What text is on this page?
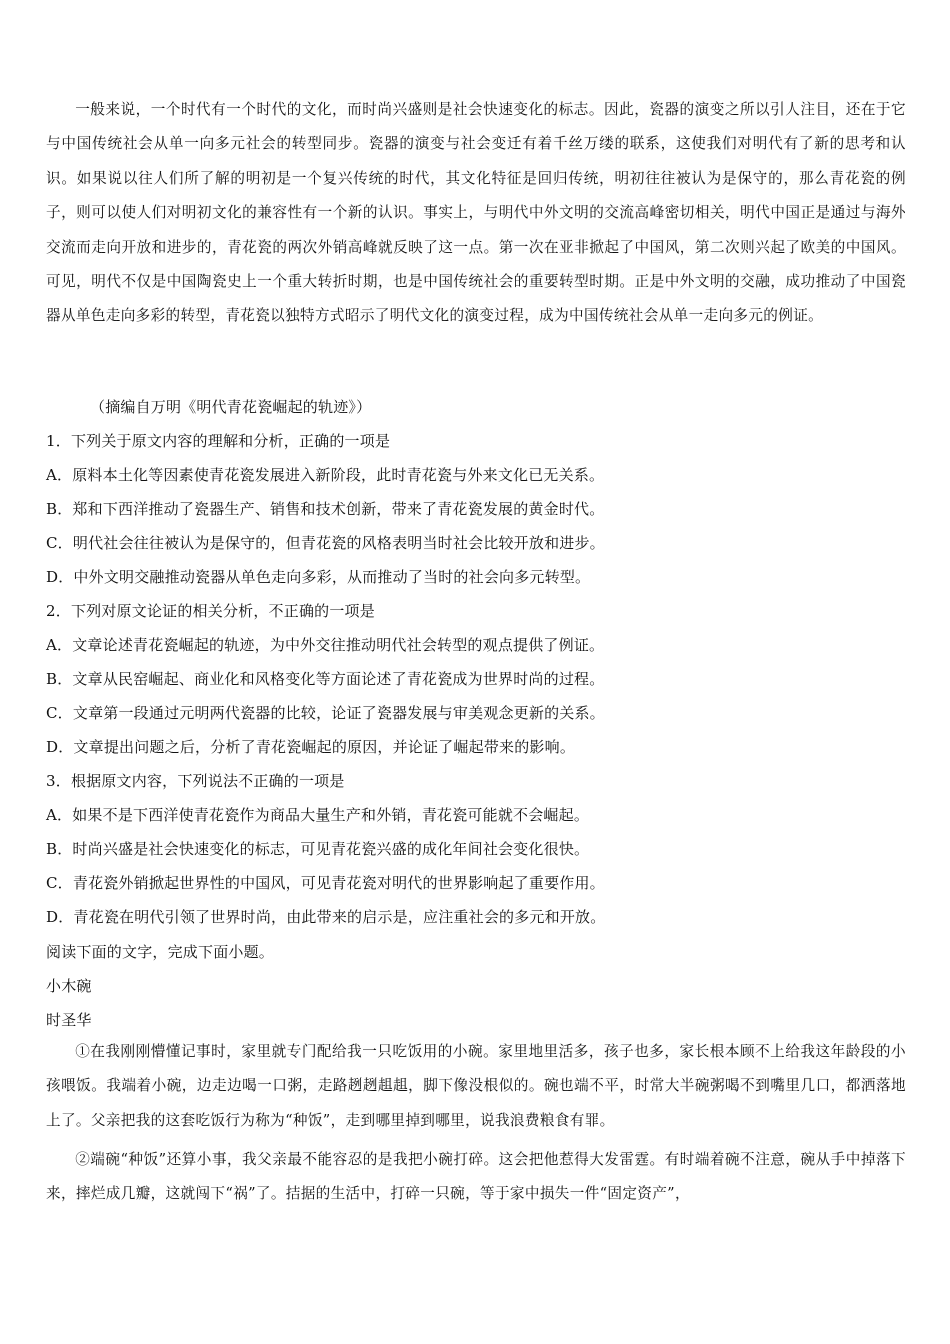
一般来说，一个时代有一个时代的文化，而时尚兴盛则是社会快速变化的标志。因此，瓷器的演变之所以引人注目，还在于它与中国传统社会从单一向多元社会的转型同步。瓷器的演变与社会变迁有着千丝万缕的联系，这使我们对明代有了新的思考和认识。如果说以往人们所了解的明初是一个复兴传统的时代，其文化特征是回归传统，明初往往被认为是保守的，那么青花瓷的例子，则可以使人们对明初文化的兼容性有一个新的认识。事实上，与明代中外文明的交流高峰密切相关，明代中国正是通过与海外交流而走向开放和进步的，青花瓷的两次外销高峰就反映了这一点。第一次在亚非掀起了中国风，第二次则兴起了欧美的中国风。可见，明代不仅是中国陶瓷史上一个重大转折时期，也是中国传统社会的重要转型时期。正是中外文明的交融，成功推动了中国瓷器从单色走向多彩的转型，青花瓷以独特方式昭示了明代文化的演变过程，成为中国传统社会从单一走向多元的例证。

（摘编自万明《明代青花瓷崛起的轨迹》）

1．下列关于原文内容的理解和分析，正确的一项是

A．原料本土化等因素使青花瓷发展进入新阶段，此时青花瓷与外来文化已无关系。

B．郑和下西洋推动了瓷器生产、销售和技术创新，带来了青花瓷发展的黄金时代。

C．明代社会往往被认为是保守的，但青花瓷的风格表明当时社会比较开放和进步。

D．中外文明交融推动瓷器从单色走向多彩，从而推动了当时的社会向多元转型。

2．下列对原文论证的相关分析，不正确的一项是

A．文章论述青花瓷崛起的轨迹，为中外交往推动明代社会转型的观点提供了例证。

B．文章从民窑崛起、商业化和风格变化等方面论述了青花瓷成为世界时尚的过程。

C．文章第一段通过元明两代瓷器的比较，论证了瓷器发展与审美观念更新的关系。

D．文章提出问题之后，分析了青花瓷崛起的原因，并论证了崛起带来的影响。

3．根据原文内容，下列说法不正确的一项是

A．如果不是下西洋使青花瓷作为商品大量生产和外销，青花瓷可能就不会崛起。

B．时尚兴盛是社会快速变化的标志，可见青花瓷兴盛的成化年间社会变化很快。

C．青花瓷外销掀起世界性的中国风，可见青花瓷对明代的世界影响起了重要作用。

D．青花瓷在明代引领了世界时尚，由此带来的启示是，应注重社会的多元和开放。

阅读下面的文字，完成下面小题。

小木碗

时圣华

①在我刚刚懵懂记事时，家里就专门配给我一只吃饭用的小碗。家里地里活多，孩子也多，家长根本顾不上给我这年龄段的小孩喂饭。我端着小碗，边走边喝一口粥，走路趔趔趄趄，脚下像没根似的。碗也端不平，时常大半碗粥喝不到嘴里几口，都洒落地上了。父亲把我的这套吃饭行为称为“种饭”，走到哪里掉到哪里，说我浪费粮食有罪。

②端碗“种饭”还算小事，我父亲最不能容忍的是我把小碗打碎。这会把他惹得大发雷霆。有时端着碗不注意，碗从手中掉落下来，摔烂成几瓣，这就闯下“祸”了。拮据的生活中，打碎一只碗，等于家中损失一件“固定资产”，
